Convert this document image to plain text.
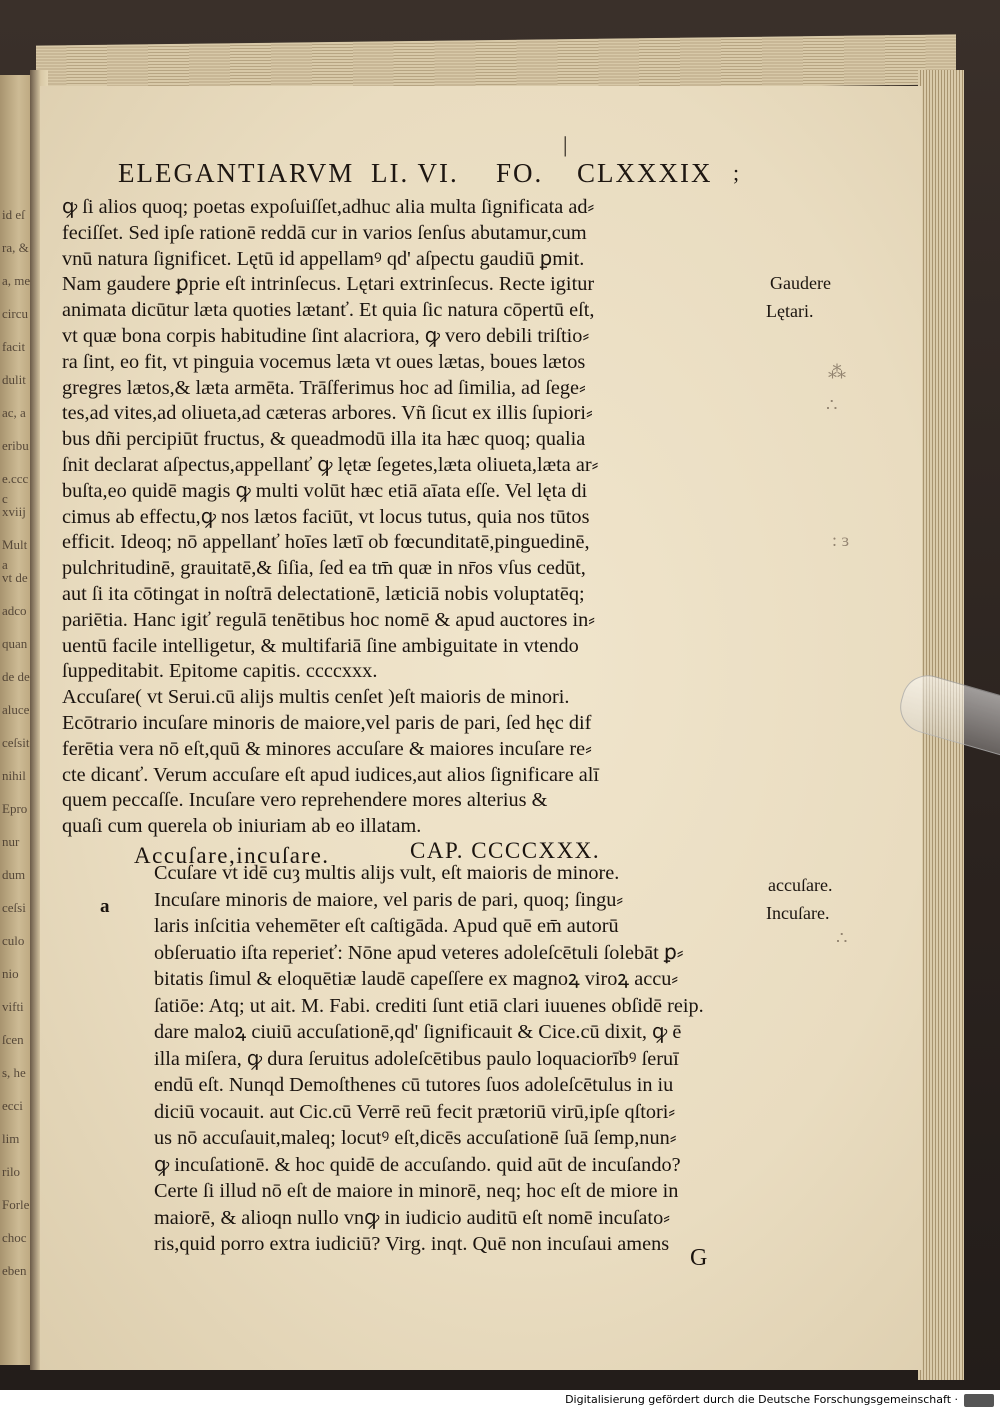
id eſ
ra, &
a, me
circu
facit
dulit
ac, a
eribu
e.cccc
xviij
Multa
vt de
adco
quan
de de
aluce
ceſsit
nihil
Epro
nur
dum
ceſsi
culo
nio
vifti
ſcen
s, he
ecci
lim
rilo
Forle
choc
eben
|
ELEGANTIARVM LI. VI. FO. CLXXXIX ;
ꝙ ſi alios quoq; poetas expoſuiſſet,adhuc alia multa ſignificata ad⸗
feciſſet. Sed ipſe rationē reddā cur in varios ſenſus abutamur,cum
vnū natura ſignificet. Lętū id appellamꝰ qd' aſpectu gaudiū ꝑmit.
Nam gaudere ꝑprie eſt intrinſecus. Lętari extrinſecus. Recte igitur
animata dicūtur læta quoties lætanť. Et quia ſic natura cōpertū eſt,
vt quæ bona corpis habitudine ſint alacriora, ꝙ vero debili triſtio⸗
ra ſint, eo fit, vt pinguia vocemus læta vt oues lætas, boues lætos
gregres lætos,& læta armēta. Trāſferimus hoc ad ſimilia, ad ſege⸗
tes,ad vites,ad oliueta,ad cæteras arbores. Vñ ſicut ex illis ſupiori⸗
bus dñi percipiūt fructus, & queadmodū illa ita hæc quoq; qualia
ſnit declarat aſpectus,appellanť ꝙ lętæ ſegetes,læta oliueta,læta ar⸗
buſta,eo quidē magis ꝙ multi volūt hæc etiā aīata eſſe. Vel lęta di
cimus ab effectu,ꝙ nos lætos faciūt, vt locus tutus, quia nos tūtos
efficit. Ideoq; nō appellanť hoīes lætī ob fœcunditatē,pinguedinē,
pulchritudinē, grauitatē,& ſiſia, ſed ea tm̄ quæ in nr̄os vſus cedūt,
aut ſi ita cōtingat in noſtrā delectationē, læticiā nobis voluptatēq;
pariētia. Hanc igiť regulā tenētibus hoc nomē & apud auctores in⸗
uentū facile intelligetur, & multifariā ſine ambiguitate in vtendo
ſuppeditabit. Epitome capitis. ccccxxx.
Accuſare( vt Serui.cū alijs multis cenſet )eſt maioris de minori.
Ecōtrario incuſare minoris de maiore,vel paris de pari, ſed hęc dif
ferētia vera nō eſt,quū & minores accuſare & maiores incuſare re⸗
cte dicanť. Verum accuſare eſt apud iudices,aut alios ſignificare alī
quem peccaſſe. Incuſare vero reprehendere mores alterius &
quaſi cum querela ob iniuriam ab eo illatam.
Accuſare,incuſare.	CAP. CCCCXXX.
a
Ccuſare vt idē cuȝ multis alijs vult, eſt maioris de minore.
Incuſare minoris de maiore, vel paris de pari, quoq; ſingu⸗
laris inſcitia vehemēter eſt caſtigāda. Apud quē em̄ autorū
obſeruatio iſta reperieť: Nōne apud veteres adoleſcētuli ſolebāt ꝑ⸗
bitatis ſimul & eloquētiæ laudē capeſſere ex magnoꝝ viroꝝ accu⸗
ſatiōe: Atq; ut ait. M. Fabi. crediti ſunt etiā clari iuuenes obſidē reip.
dare maloꝝ ciuiū accuſationē,qd' ſignificauit & Cice.cū dixit, ꝙ ē
illa miſera, ꝙ dura ſeruitus adoleſcētibus paulo loquaciorībꝰ ſeruī
endū eſt. Nunqd Demoſthenes cū tutores ſuos adoleſcētulus in iu
diciū vocauit. aut Cic.cū Verrē reū fecit prætoriū virū,ipſe qſtori⸗
us nō accuſauit,maleq; locutꝰ eſt,dicēs accuſationē ſuā ſemp,nun⸗
ꝙ incuſationē. & hoc quidē de accuſando. quid aūt de incuſando?
Certe ſi illud nō eſt de maiore in minorē, neq; hoc eſt de miore in
maiorē, & alioqn nullo vnꝙ in iudicio auditū eſt nomē incuſato⸗
ris,quid porro extra iudiciū? Virg. inqt. Quē non incuſaui amens
Gaudere
Lętari.
accuſare.
Incuſare.
⁂
∴
: ɜ
∴
G
Digitalisierung gefördert durch die Deutsche Forschungsgemeinschaft ·
